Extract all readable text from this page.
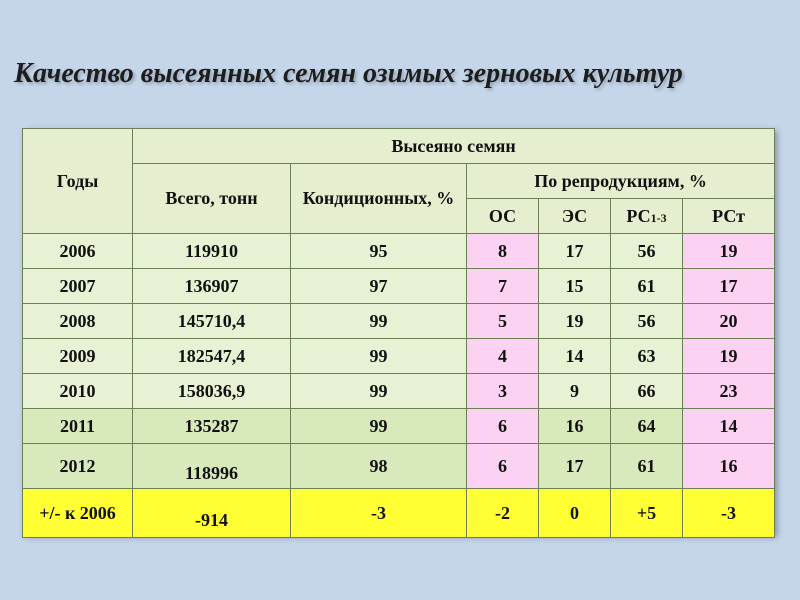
Качество высеянных семян озимых зерновых культур
Годы	Высеяно семян					
	Всего, тонн	Кондиционных, %	По репродукциям, %			
			ОС	ЭС	РС1-3	РСт
2006	119910	95	8	17	56	19
2007	136907	97	7	15	61	17
2008	145710,4	99	5	19	56	20
2009	182547,4	99	4	14	63	19
2010	158036,9	99	3	9	66	23
2011	135287	99	6	16	64	14
2012	118996	98	6	17	61	16
+/- к 2006	-914	-3	-2	0	+5	-3
